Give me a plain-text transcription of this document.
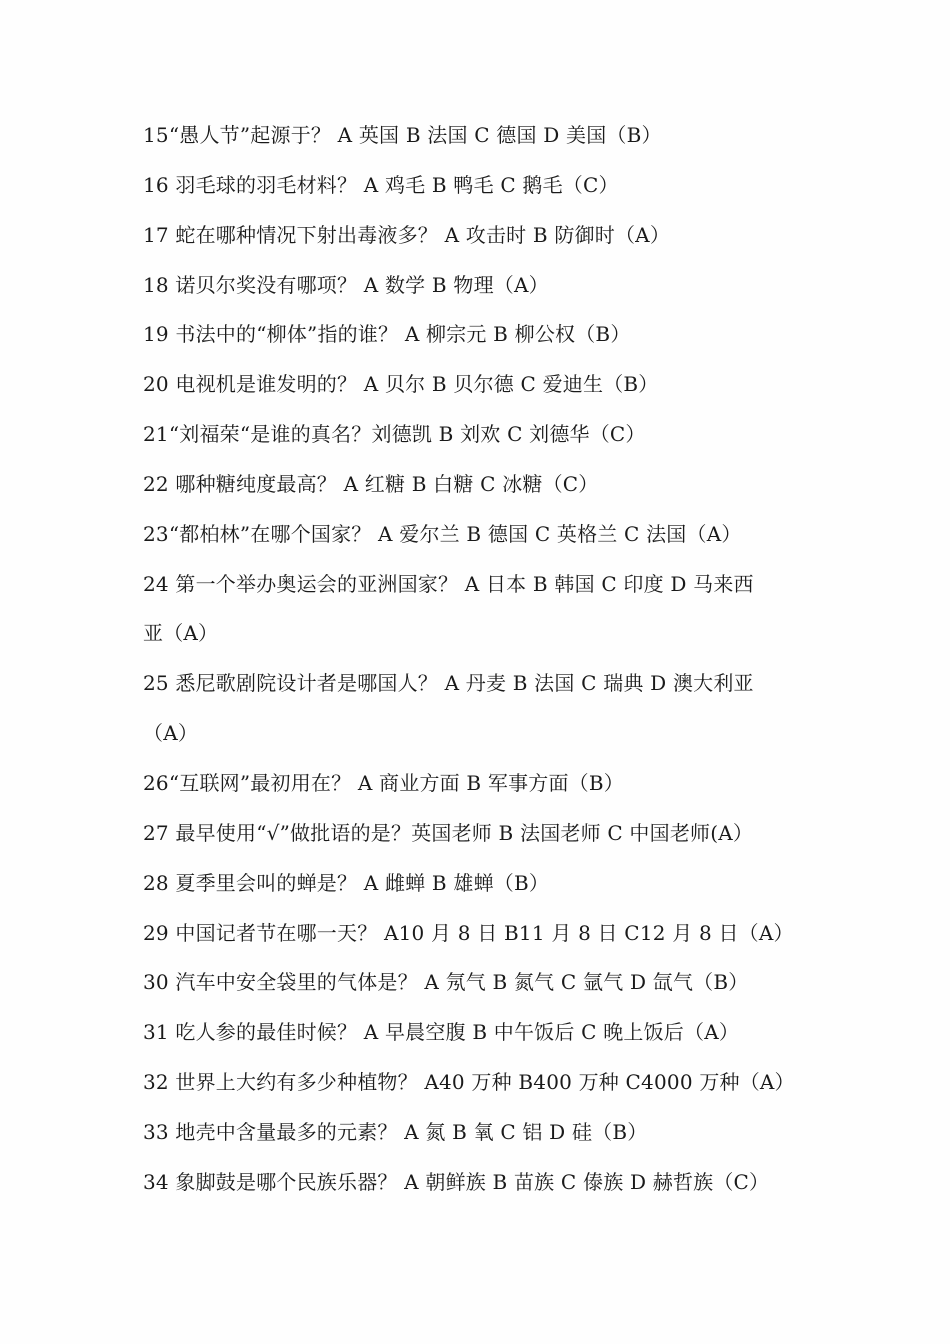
15“愚人节”起源于？ A 英国 B 法国 C 德国 D 美国（B）
16 羽毛球的羽毛材料？ A 鸡毛 B 鸭毛 C 鹅毛（C）
17 蛇在哪种情况下射出毒液多？ A 攻击时 B 防御时（A）
18 诺贝尔奖没有哪项？ A 数学 B 物理（A）
19 书法中的“柳体”指的谁？ A 柳宗元 B 柳公权（B）
20 电视机是谁发明的？ A 贝尔 B 贝尔德 C 爱迪生（B）
21“刘福荣“是谁的真名？刘德凯 B 刘欢 C 刘德华（C）
22 哪种糖纯度最高？ A 红糖 B 白糖 C 冰糖（C）
23“都柏林”在哪个国家？ A 爱尔兰 B 德国 C 英格兰 C 法国（A）
24 第一个举办奥运会的亚洲国家？ A 日本 B 韩国 C 印度 D 马来西
亚（A）
25 悉尼歌剧院设计者是哪国人？ A 丹麦 B 法国 C 瑞典 D 澳大利亚
（A）
26“互联网”最初用在？ A 商业方面 B 军事方面（B）
27 最早使用“√”做批语的是？英国老师 B 法国老师 C 中国老师(A）
28 夏季里会叫的蝉是？ A 雌蝉 B 雄蝉（B）
29 中国记者节在哪一天？ A10 月 8 日 B11 月 8 日 C12 月 8 日（A）
30 汽车中安全袋里的气体是？ A 氖气 B 氮气 C 氩气 D 氙气（B）
31 吃人参的最佳时候？ A 早晨空腹 B 中午饭后 C 晚上饭后（A）
32 世界上大约有多少种植物？ A40 万种 B400 万种 C4000 万种（A）
33 地壳中含量最多的元素？ A 氮 B 氧 C 铝 D 硅（B）
34 象脚鼓是哪个民族乐器？ A 朝鲜族 B 苗族 C 傣族 D 赫哲族（C）
